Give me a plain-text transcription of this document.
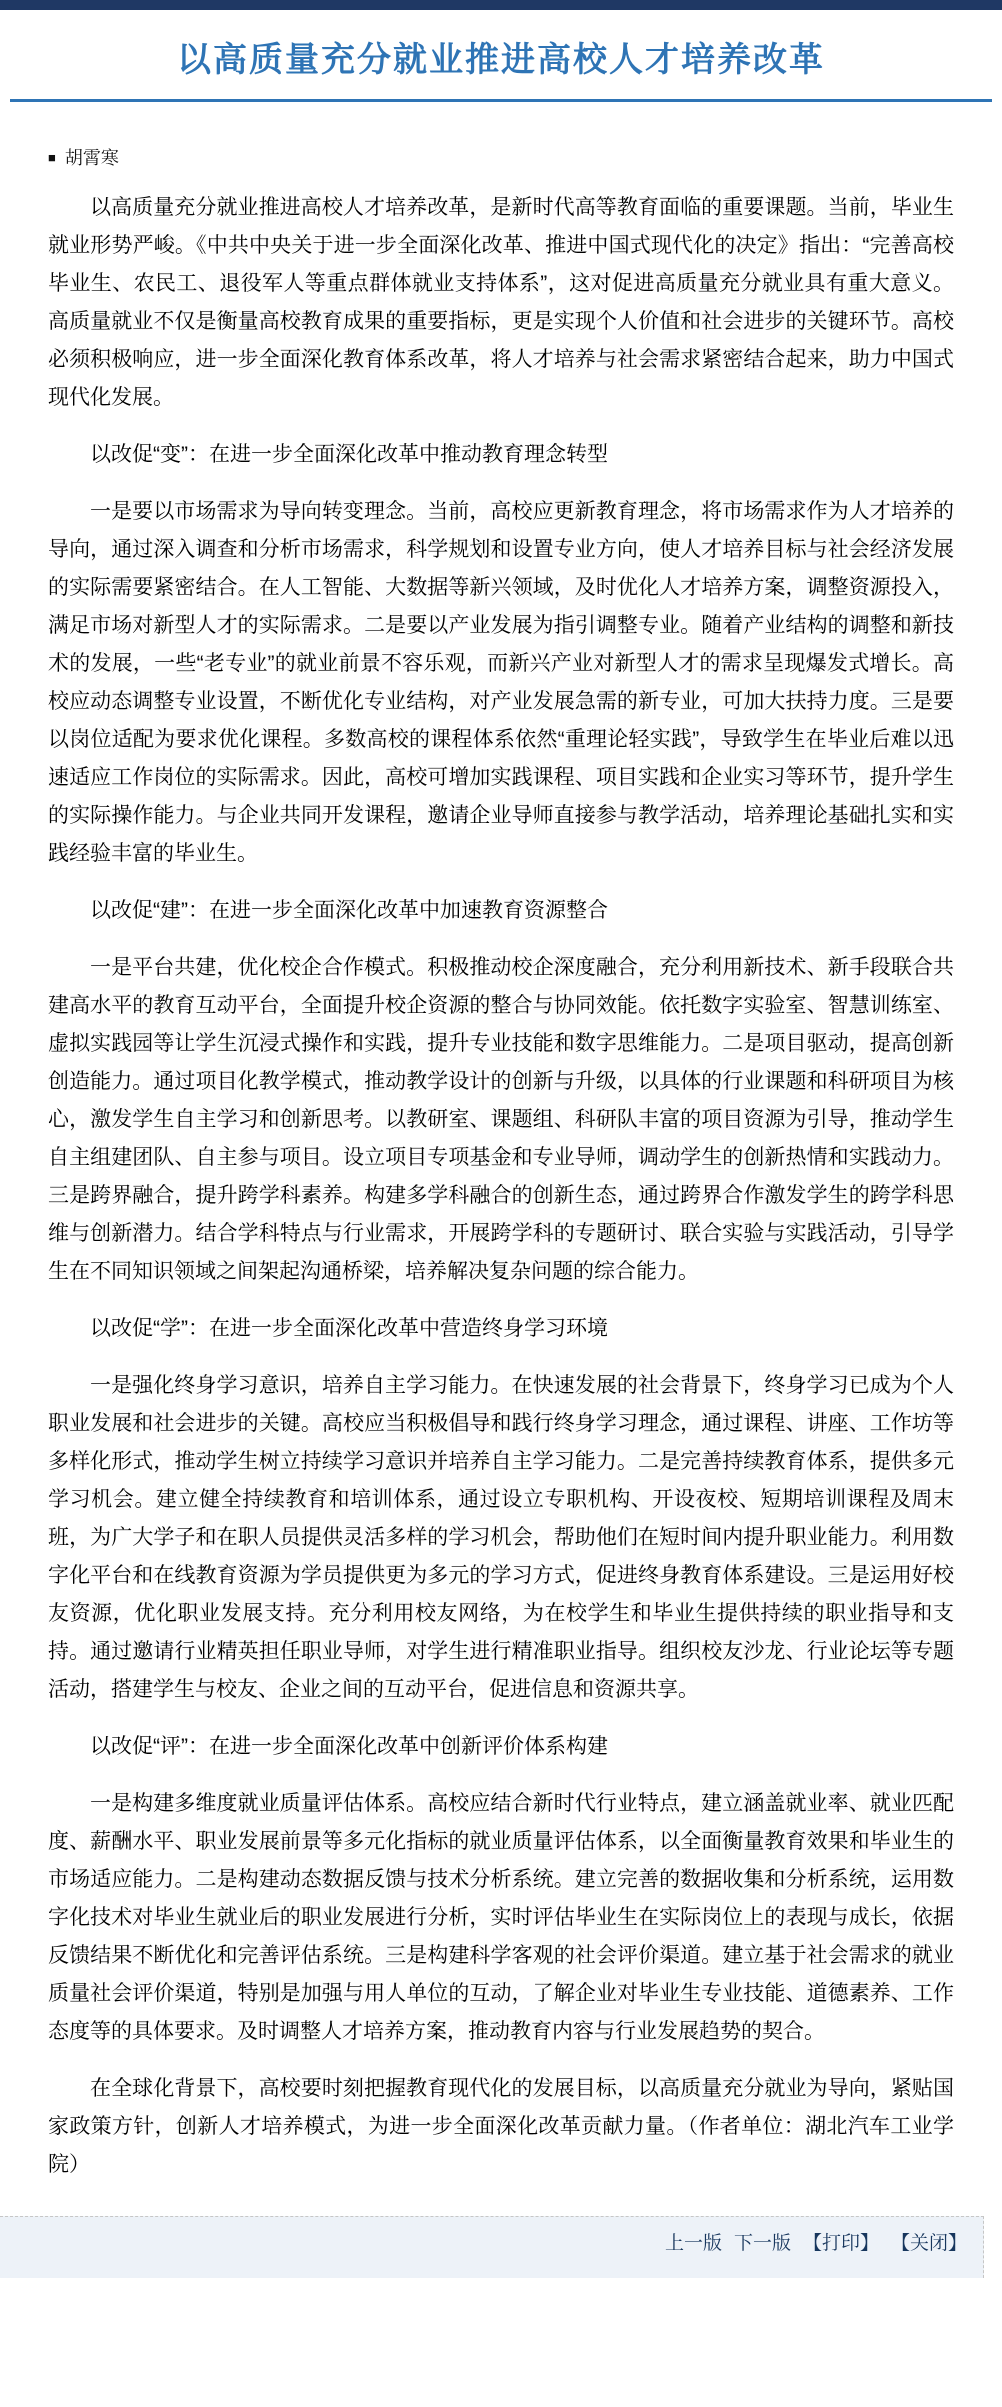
以高质量充分就业推进高校人才培养改革
■ 胡霄寒

以高质量充分就业推进高校人才培养改革，是新时代高等教育面临的重要课题。当前，毕业生就业形势严峻。《中共中央关于进一步全面深化改革、推进中国式现代化的决定》指出：“完善高校毕业生、农民工、退役军人等重点群体就业支持体系”，这对促进高质量充分就业具有重大意义。高质量就业不仅是衡量高校教育成果的重要指标，更是实现个人价值和社会进步的关键环节。高校必须积极响应，进一步全面深化教育体系改革，将人才培养与社会需求紧密结合起来，助力中国式现代化发展。

以改促“变”：在进一步全面深化改革中推动教育理念转型

一是要以市场需求为导向转变理念。当前，高校应更新教育理念，将市场需求作为人才培养的导向，通过深入调查和分析市场需求，科学规划和设置专业方向，使人才培养目标与社会经济发展的实际需要紧密结合。在人工智能、大数据等新兴领域，及时优化人才培养方案，调整资源投入，满足市场对新型人才的实际需求。二是要以产业发展为指引调整专业。随着产业结构的调整和新技术的发展，一些“老专业”的就业前景不容乐观，而新兴产业对新型人才的需求呈现爆发式增长。高校应动态调整专业设置，不断优化专业结构，对产业发展急需的新专业，可加大扶持力度。三是要以岗位适配为要求优化课程。多数高校的课程体系依然“重理论轻实践”，导致学生在毕业后难以迅速适应工作岗位的实际需求。因此，高校可增加实践课程、项目实践和企业实习等环节，提升学生的实际操作能力。与企业共同开发课程，邀请企业导师直接参与教学活动，培养理论基础扎实和实践经验丰富的毕业生。

以改促“建”：在进一步全面深化改革中加速教育资源整合

一是平台共建，优化校企合作模式。积极推动校企深度融合，充分利用新技术、新手段联合共建高水平的教育互动平台，全面提升校企资源的整合与协同效能。依托数字实验室、智慧训练室、虚拟实践园等让学生沉浸式操作和实践，提升专业技能和数字思维能力。二是项目驱动，提高创新创造能力。通过项目化教学模式，推动教学设计的创新与升级，以具体的行业课题和科研项目为核心，激发学生自主学习和创新思考。以教研室、课题组、科研队丰富的项目资源为引导，推动学生自主组建团队、自主参与项目。设立项目专项基金和专业导师，调动学生的创新热情和实践动力。三是跨界融合，提升跨学科素养。构建多学科融合的创新生态，通过跨界合作激发学生的跨学科思维与创新潜力。结合学科特点与行业需求，开展跨学科的专题研讨、联合实验与实践活动，引导学生在不同知识领域之间架起沟通桥梁，培养解决复杂问题的综合能力。

以改促“学”：在进一步全面深化改革中营造终身学习环境

一是强化终身学习意识，培养自主学习能力。在快速发展的社会背景下，终身学习已成为个人职业发展和社会进步的关键。高校应当积极倡导和践行终身学习理念，通过课程、讲座、工作坊等多样化形式，推动学生树立持续学习意识并培养自主学习能力。二是完善持续教育体系，提供多元学习机会。建立健全持续教育和培训体系，通过设立专职机构、开设夜校、短期培训课程及周末班，为广大学子和在职人员提供灵活多样的学习机会，帮助他们在短时间内提升职业能力。利用数字化平台和在线教育资源为学员提供更为多元的学习方式，促进终身教育体系建设。三是运用好校友资源，优化职业发展支持。充分利用校友网络，为在校学生和毕业生提供持续的职业指导和支持。通过邀请行业精英担任职业导师，对学生进行精准职业指导。组织校友沙龙、行业论坛等专题活动，搭建学生与校友、企业之间的互动平台，促进信息和资源共享。

以改促“评”：在进一步全面深化改革中创新评价体系构建

一是构建多维度就业质量评估体系。高校应结合新时代行业特点，建立涵盖就业率、就业匹配度、薪酬水平、职业发展前景等多元化指标的就业质量评估体系，以全面衡量教育效果和毕业生的市场适应能力。二是构建动态数据反馈与技术分析系统。建立完善的数据收集和分析系统，运用数字化技术对毕业生就业后的职业发展进行分析，实时评估毕业生在实际岗位上的表现与成长，依据反馈结果不断优化和完善评估系统。三是构建科学客观的社会评价渠道。建立基于社会需求的就业质量社会评价渠道，特别是加强与用人单位的互动，了解企业对毕业生专业技能、道德素养、工作态度等的具体要求。及时调整人才培养方案，推动教育内容与行业发展趋势的契合。

在全球化背景下，高校要时刻把握教育现代化的发展目标，以高质量充分就业为导向，紧贴国家政策方针，创新人才培养模式，为进一步全面深化改革贡献力量。（作者单位：湖北汽车工业学院）

上一版 下一版 【打印】 【关闭】
